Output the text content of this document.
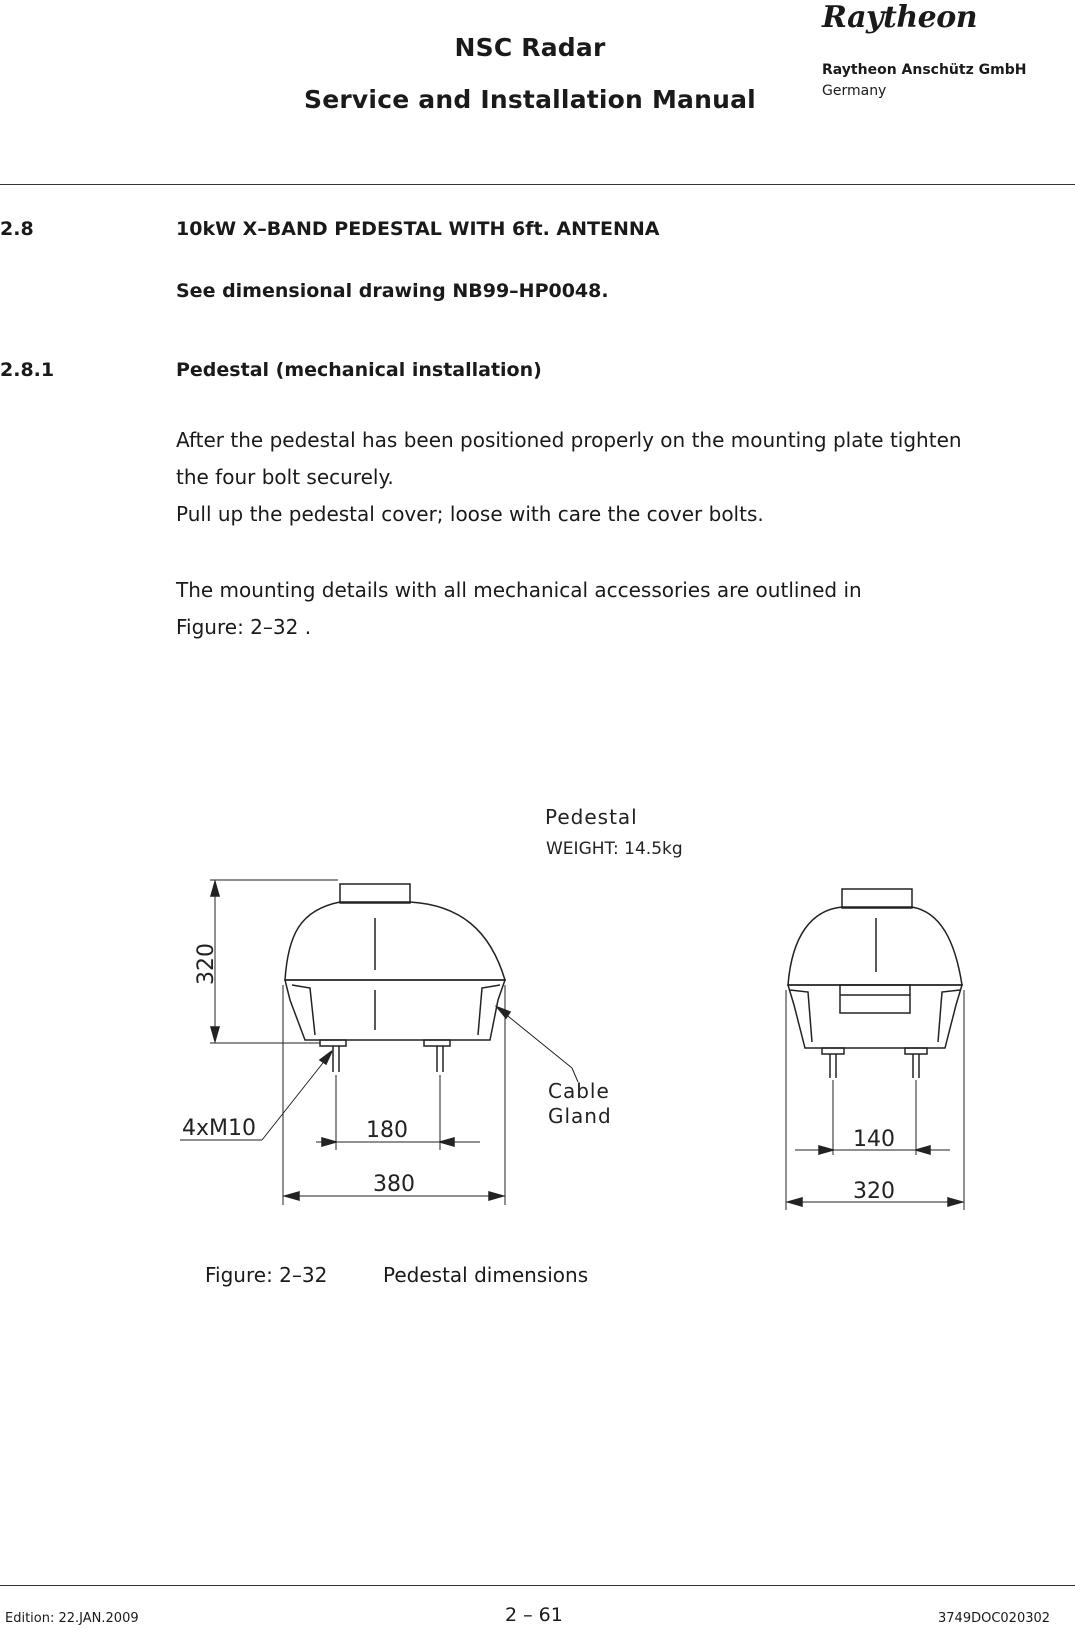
NSC Radar
Service and Installation Manual
Raytheon
Raytheon Anschütz GmbH
Germany
2.8	10kW X–BAND PEDESTAL WITH 6ft. ANTENNA
See dimensional drawing NB99–HP0048.
2.8.1	Pedestal (mechanical installation)
After the pedestal has been positioned properly on the mounting plate tighten
the four bolt securely.
Pull up the pedestal cover; loose with care the cover bolts.
The mounting details with all mechanical accessories are outlined in
Figure: 2–32 .
Pedestal
WEIGHT: 14.5kg
Cable
Gland
320
4xM10	180
380
140
320
Figure: 2–32	Pedestal dimensions
Edition: 22.JAN.2009	2 – 61	3749DOC020302
